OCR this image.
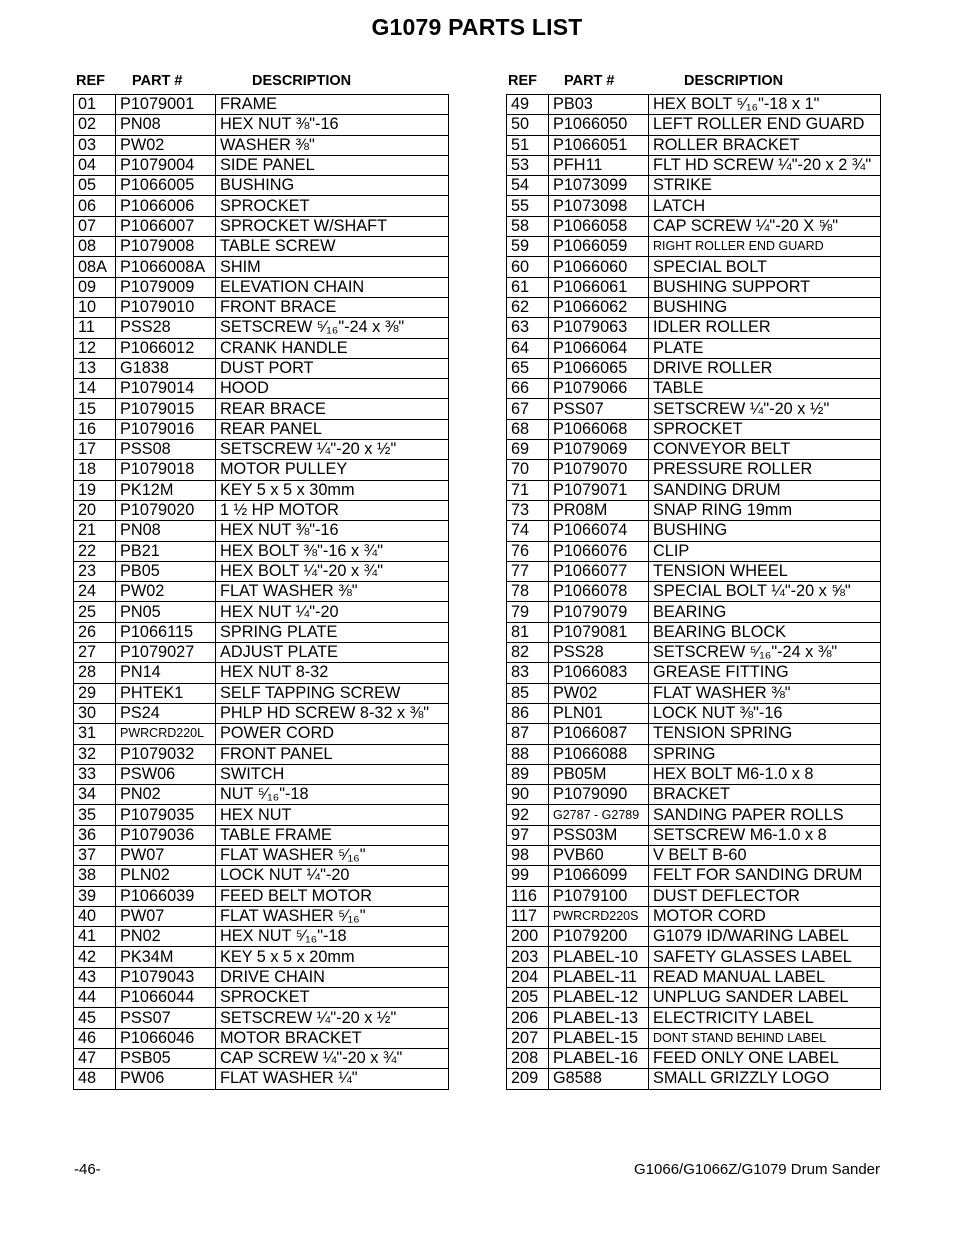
G1079 PARTS LIST
REF PART #	DESCRIPTION	REF PART #	DESCRIPTION
01	P1079001	FRAME
02	PN08	HEX NUT ⅜"-16
03	PW02	WASHER ⅜"
04	P1079004	SIDE PANEL
05	P1066005	BUSHING
06	P1066006	SPROCKET
07	P1066007	SPROCKET W/SHAFT
08	P1079008	TABLE SCREW
08A	P1066008A	SHIM
09	P1079009	ELEVATION CHAIN
10	P1079010	FRONT BRACE
11	PSS28	SETSCREW ⁵⁄₁₆"-24 x ⅜"
12	P1066012	CRANK HANDLE
13	G1838	DUST PORT
14	P1079014	HOOD
15	P1079015	REAR BRACE
16	P1079016	REAR PANEL
17	PSS08	SETSCREW ¼"-20 x ½"
18	P1079018	MOTOR PULLEY
19	PK12M	KEY 5 x 5 x 30mm
20	P1079020	1 ½ HP MOTOR
21	PN08	HEX NUT ⅜"-16
22	PB21	HEX BOLT ⅜"-16 x ¾"
23	PB05	HEX BOLT ¼"-20 x ¾"
24	PW02	FLAT WASHER ⅜"
25	PN05	HEX NUT ¼"-20
26	P1066115	SPRING PLATE
27	P1079027	ADJUST PLATE
28	PN14	HEX NUT 8-32
29	PHTEK1	SELF TAPPING SCREW
30	PS24	PHLP HD SCREW 8-32 x ⅜"
31	PWRCRD220L	POWER CORD
32	P1079032	FRONT PANEL
33	PSW06	SWITCH
34	PN02	NUT ⁵⁄₁₆"-18
35	P1079035	HEX NUT
36	P1079036	TABLE FRAME
37	PW07	FLAT WASHER ⁵⁄₁₆"
38	PLN02	LOCK NUT ¼"-20
39	P1066039	FEED BELT MOTOR
40	PW07	FLAT WASHER ⁵⁄₁₆"
41	PN02	HEX NUT ⁵⁄₁₆"-18
42	PK34M	KEY 5 x 5 x 20mm
43	P1079043	DRIVE CHAIN
44	P1066044	SPROCKET
45	PSS07	SETSCREW ¼"-20 x ½"
46	P1066046	MOTOR BRACKET
47	PSB05	CAP SCREW ¼"-20 x ¾"
48	PW06	FLAT WASHER ¼"
49	PB03	HEX BOLT ⁵⁄₁₆"-18 x 1"
50	P1066050	LEFT ROLLER END GUARD
51	P1066051	ROLLER BRACKET
53	PFH11	FLT HD SCREW ¼"-20 x 2 ¾"
54	P1073099	STRIKE
55	P1073098	LATCH
58	P1066058	CAP SCREW ¼"-20 X ⅝"
59	P1066059	RIGHT ROLLER END GUARD
60	P1066060	SPECIAL BOLT
61	P1066061	BUSHING SUPPORT
62	P1066062	BUSHING
63	P1079063	IDLER ROLLER
64	P1066064	PLATE
65	P1066065	DRIVE ROLLER
66	P1079066	TABLE
67	PSS07	SETSCREW ¼"-20 x ½"
68	P1066068	SPROCKET
69	P1079069	CONVEYOR BELT
70	P1079070	PRESSURE ROLLER
71	P1079071	SANDING DRUM
73	PR08M	SNAP RING 19mm
74	P1066074	BUSHING
76	P1066076	CLIP
77	P1066077	TENSION WHEEL
78	P1066078	SPECIAL BOLT ¼"-20 x ⅝"
79	P1079079	BEARING
81	P1079081	BEARING BLOCK
82	PSS28	SETSCREW ⁵⁄₁₆"-24 x ⅜"
83	P1066083	GREASE FITTING
85	PW02	FLAT WASHER ⅜"
86	PLN01	LOCK NUT ⅜"-16
87	P1066087	TENSION SPRING
88	P1066088	SPRING
89	PB05M	HEX BOLT M6-1.0 x 8
90	P1079090	BRACKET
92	G2787 - G2789	SANDING PAPER ROLLS
97	PSS03M	SETSCREW M6-1.0 x 8
98	PVB60	V BELT B-60
99	P1066099	FELT FOR SANDING DRUM
116	P1079100	DUST DEFLECTOR
117	PWRCRD220S	MOTOR CORD
200	P1079200	G1079 ID/WARING LABEL
203	PLABEL-10	SAFETY GLASSES LABEL
204	PLABEL-11	READ MANUAL LABEL
205	PLABEL-12	UNPLUG SANDER LABEL
206	PLABEL-13	ELECTRICITY LABEL
207	PLABEL-15	DONT STAND BEHIND LABEL
208	PLABEL-16	FEED ONLY ONE LABEL
209	G8588	SMALL GRIZZLY LOGO
-46-	G1066/G1066Z/G1079 Drum Sander
